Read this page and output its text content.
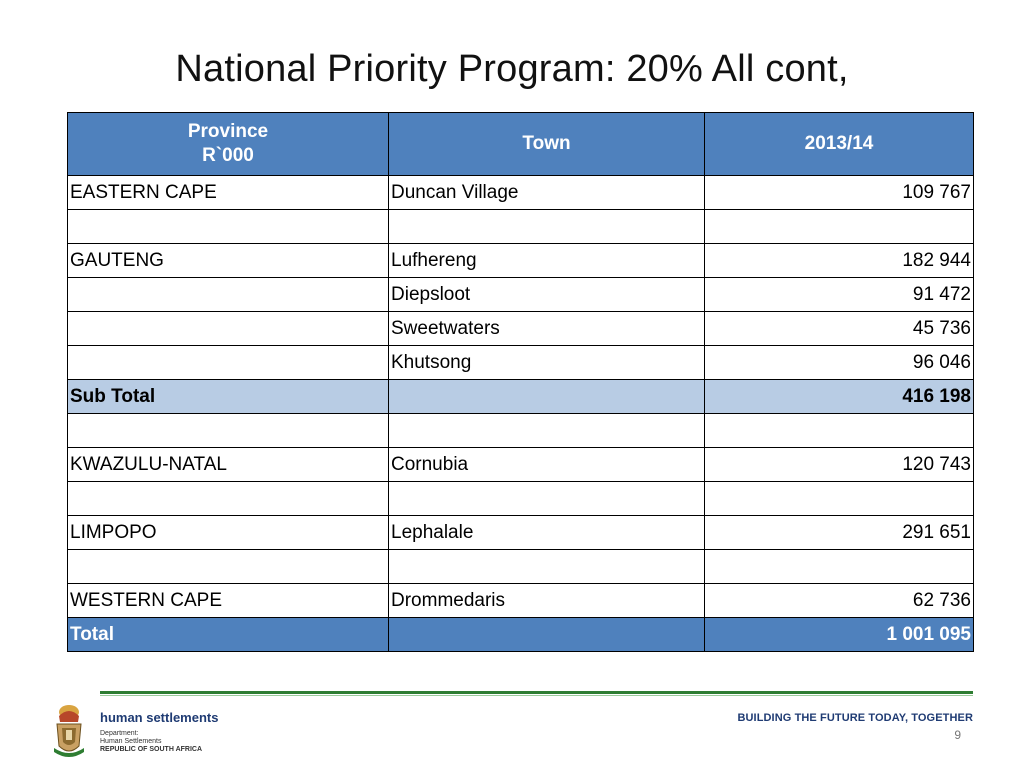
National Priority Program: 20% All cont,
Province
R`000	Town	2013/14
EASTERN CAPE	Duncan Village	109 767

GAUTENG	Lufhereng	182 944
	Diepsloot	91 472
	Sweetwaters	45 736
	Khutsong	96 046
Sub Total		416 198

KWAZULU-NATAL	Cornubia	120 743

LIMPOPO	Lephalale	291 651

WESTERN CAPE	Drommedaris	62 736
Total		1 001 095
human settlements
Department:
Human Settlements
REPUBLIC OF SOUTH AFRICA
BUILDING THE FUTURE TODAY, TOGETHER
9
